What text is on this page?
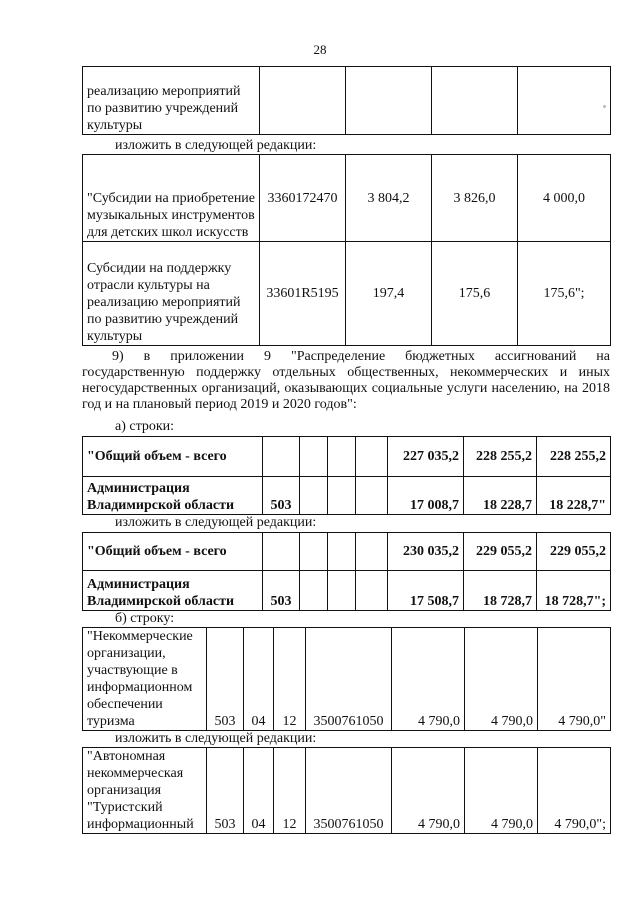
28
реализацию мероприятий по развитию учреждений культуры				
изложить в следующей редакции:
"Субсидии на приобретение музыкальных инструментов для детских школ искусств	3360172470	3 804,2	3 826,0	4 000,0
Субсидии на поддержку отрасли культуры на реализацию мероприятий по развитию учреждений культуры	33601R5195	197,4	175,6	175,6";
9) в приложении 9 "Распределение бюджетных ассигнований на
государственную поддержку отдельных общественных, некоммерческих и иных негосударственных организаций, оказывающих социальные услуги населению, на 2018 год и на плановый период 2019 и 2020 годов":
а) строки:
"Общий объем - всего					227 035,2	228 255,2	228 255,2
Администрация Владимирской области	503				17 008,7	18 228,7	18 228,7"
изложить в следующей редакции:
"Общий объем - всего					230 035,2	229 055,2	229 055,2
Администрация Владимирской области	503				17 508,7	18 728,7	18 728,7";
б) строку:
"Некоммерческие организации, участвующие в информационном обеспечении туризма	503	04	12	3500761050	4 790,0	4 790,0	4 790,0"
изложить в следующей редакции:
"Автономная некоммерческая организация "Туристский информационный	503	04	12	3500761050	4 790,0	4 790,0	4 790,0";
